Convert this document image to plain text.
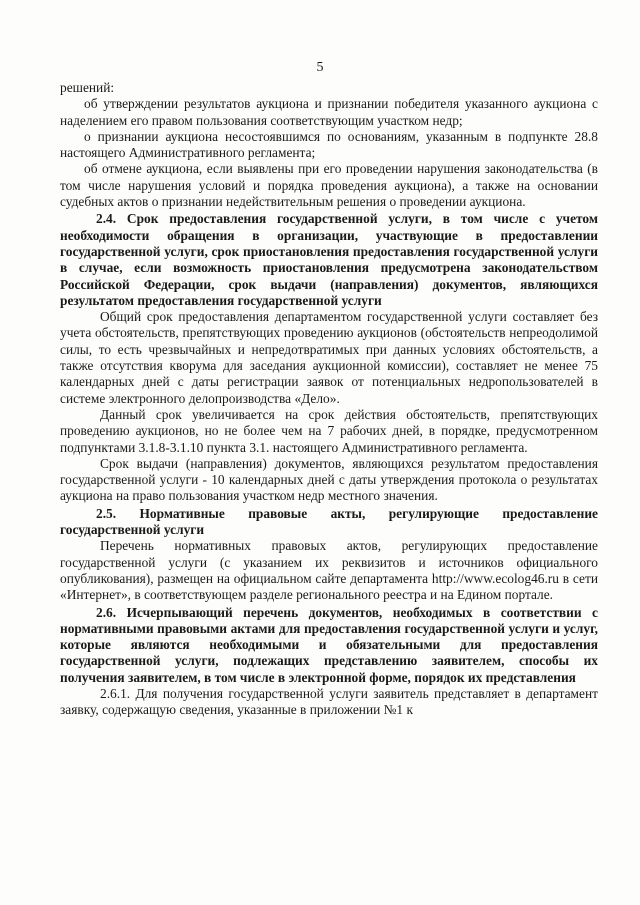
5

решений:

об утверждении результатов аукциона и признании победителя указанного аукциона с наделением его правом пользования соответствующим участком недр;

о признании аукциона несостоявшимся по основаниям, указанным в подпункте 28.8 настоящего Административного регламента;

об отмене аукциона, если выявлены при его проведении нарушения законодательства (в том числе нарушения условий и порядка проведения аукциона), а также на основании судебных актов о признании недействительным решения о проведении аукциона.

2.4. Срок предоставления государственной услуги, в том числе с учетом необходимости обращения в организации, участвующие в предоставлении государственной услуги, срок приостановления предоставления государственной услуги в случае, если возможность приостановления предусмотрена законодательством Российской Федерации, срок выдачи (направления) документов, являющихся результатом предоставления государственной услуги

Общий срок предоставления департаментом государственной услуги составляет без учета обстоятельств, препятствующих проведению аукционов (обстоятельств непреодолимой силы, то есть чрезвычайных и непредотвратимых при данных условиях обстоятельств, а также отсутствия кворума для заседания аукционной комиссии), составляет не менее 75 календарных дней с даты регистрации заявок от потенциальных недропользователей в системе электронного делопроизводства «Дело».

Данный срок увеличивается на срок действия обстоятельств, препятствующих проведению аукционов, но не более чем на 7 рабочих дней, в порядке, предусмотренном подпунктами 3.1.8-3.1.10 пункта 3.1. настоящего Административного регламента.

Срок выдачи (направления) документов, являющихся результатом предоставления государственной услуги - 10 календарных дней с даты утверждения протокола о результатах аукциона на право пользования участком недр местного значения.

2.5. Нормативные правовые акты, регулирующие предоставление государственной услуги

Перечень нормативных правовых актов, регулирующих предоставление государственной услуги (с указанием их реквизитов и источников официального опубликования), размещен на официальном сайте департамента http://www.ecolog46.ru в сети «Интернет», в соответствующем разделе регионального реестра и на Едином портале.

2.6. Исчерпывающий перечень документов, необходимых в соответствии с нормативными правовыми актами для предоставления государственной услуги и услуг, которые являются необходимыми и обязательными для предоставления государственной услуги, подлежащих представлению заявителем, способы их получения заявителем, в том числе в электронной форме, порядок их представления

2.6.1. Для получения государственной услуги заявитель представляет в департамент заявку, содержащую сведения, указанные в приложении №1 к
